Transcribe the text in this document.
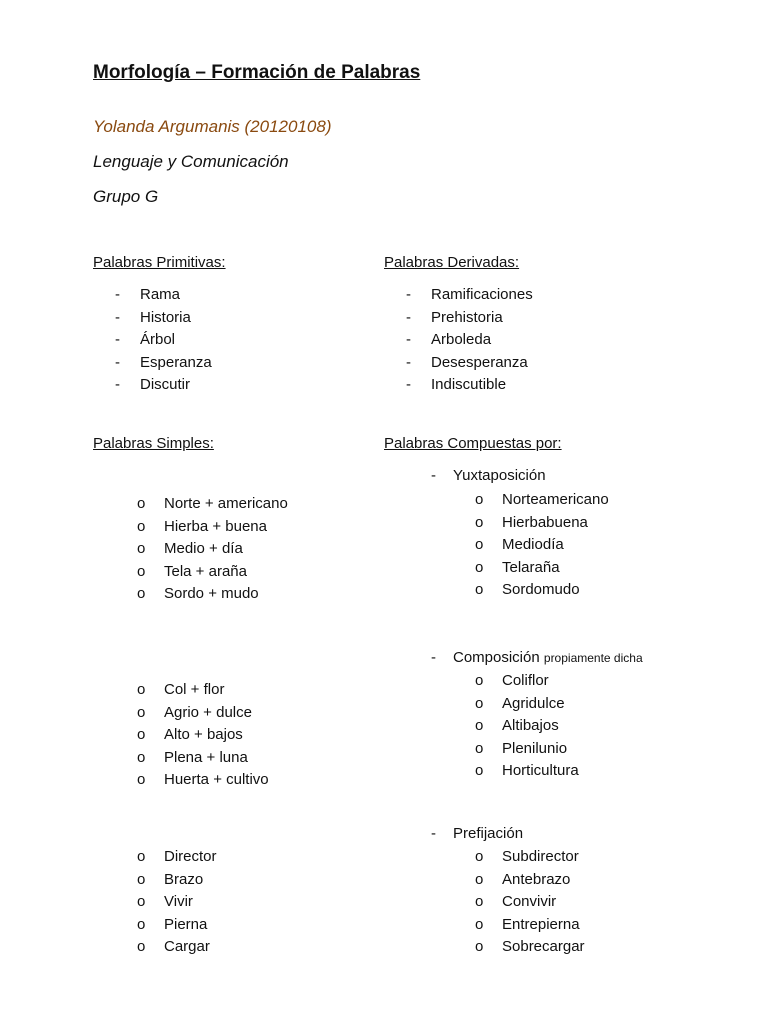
Morfología – Formación de Palabras
Yolanda Argumanis (20120108)
Lenguaje y Comunicación
Grupo G
Palabras Primitivas:
-	Rama
-	Historia
-	Árbol
-	Esperanza
-	Discutir
Palabras Derivadas:
-	Ramificaciones
-	Prehistoria
-	Arboleda
-	Desesperanza
-	Indiscutible
Palabras Simples:
o	Norte + americano
o	Hierba + buena
o	Medio + día
o	Tela + araña
o	Sordo + mudo
o	Col + flor
o	Agrio + dulce
o	Alto + bajos
o	Plena + luna
o	Huerta + cultivo
o	Director
o	Brazo
o	Vivir
o	Pierna
o	Cargar
Palabras Compuestas por:
- Yuxtaposición
o	Norteamericano
o	Hierbabuena
o	Mediodía
o	Telaraña
o	Sordomudo
- Composición propiamente dicha
o	Coliflor
o	Agridulce
o	Altibajos
o	Plenilunio
o	Horticultura
- Prefijación
o	Subdirector
o	Antebrazo
o	Convivir
o	Entrepierna
o	Sobrecargar
